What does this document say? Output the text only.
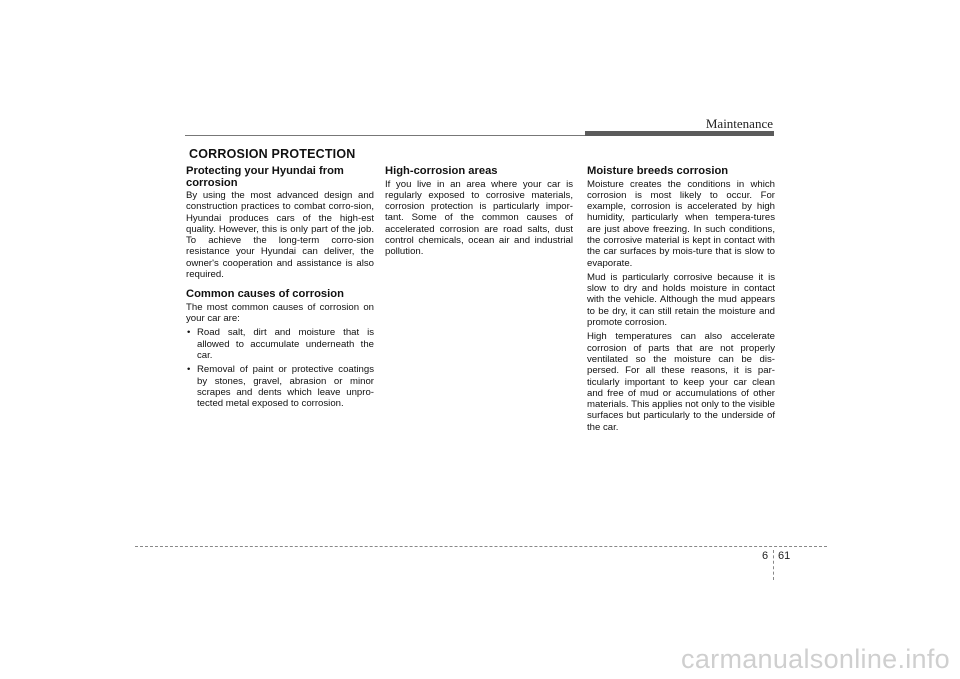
Maintenance
CORROSION PROTECTION
Protecting your Hyundai from corrosion

By using the most advanced design and construction practices to combat corro-sion, Hyundai produces cars of the high-est quality. However, this is only part of the job. To achieve the long-term corro-sion resistance your Hyundai can deliver, the owner's cooperation and assistance is also required.

Common causes of corrosion

The most common causes of corrosion on your car are:

• Road salt, dirt and moisture that is allowed to accumulate underneath the car.
• Removal of paint or protective coatings by stones, gravel, abrasion or minor scrapes and dents which leave unpro-tected metal exposed to corrosion.
High-corrosion areas

If you live in an area where your car is regularly exposed to corrosive materials, corrosion protection is particularly impor-tant. Some of the common causes of accelerated corrosion are road salts, dust control chemicals, ocean air and industrial pollution.

Moisture breeds corrosion

Moisture creates the conditions in which corrosion is most likely to occur. For example, corrosion is accelerated by high humidity, particularly when tempera-tures are just above freezing. In such conditions, the corrosive material is kept in contact with the car surfaces by mois-ture that is slow to evaporate.

Mud is particularly corrosive because it is slow to dry and holds moisture in contact with the vehicle. Although the mud appears to be dry, it can still retain the moisture and promote corrosion.

High temperatures can also accelerate corrosion of parts that are not properly ventilated so the moisture can be dis-persed. For all these reasons, it is par-ticularly important to keep your car clean and free of mud or accumulations of other materials. This applies not only to the visible surfaces but particularly to the underside of the car.

6 61
carmanualsonline.info
